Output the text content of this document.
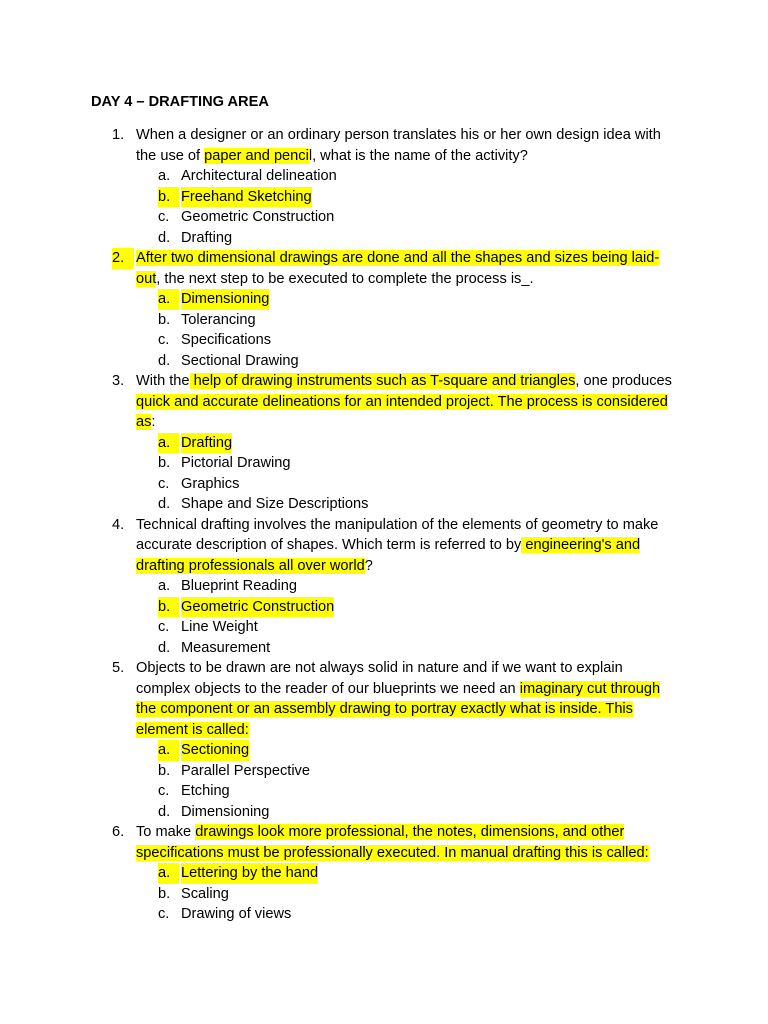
DAY 4 – DRAFTING AREA
1. When a designer or an ordinary person translates his or her own design idea with the use of paper and pencil, what is the name of the activity?
a. Architectural delineation
b. Freehand Sketching
c. Geometric Construction
d. Drafting
2. After two dimensional drawings are done and all the shapes and sizes being laid-out, the next step to be executed to complete the process is_.
a. Dimensioning
b. Tolerancing
c. Specifications
d. Sectional Drawing
3. With the help of drawing instruments such as T-square and triangles, one produces quick and accurate delineations for an intended project. The process is considered as:
a. Drafting
b. Pictorial Drawing
c. Graphics
d. Shape and Size Descriptions
4. Technical drafting involves the manipulation of the elements of geometry to make accurate description of shapes. Which term is referred to by engineering's and drafting professionals all over world?
a. Blueprint Reading
b. Geometric Construction
c. Line Weight
d. Measurement
5. Objects to be drawn are not always solid in nature and if we want to explain complex objects to the reader of our blueprints we need an imaginary cut through the component or an assembly drawing to portray exactly what is inside. This element is called:
a. Sectioning
b. Parallel Perspective
c. Etching
d. Dimensioning
6. To make drawings look more professional, the notes, dimensions, and other specifications must be professionally executed. In manual drafting this is called:
a. Lettering by the hand
b. Scaling
c. Drawing of views
